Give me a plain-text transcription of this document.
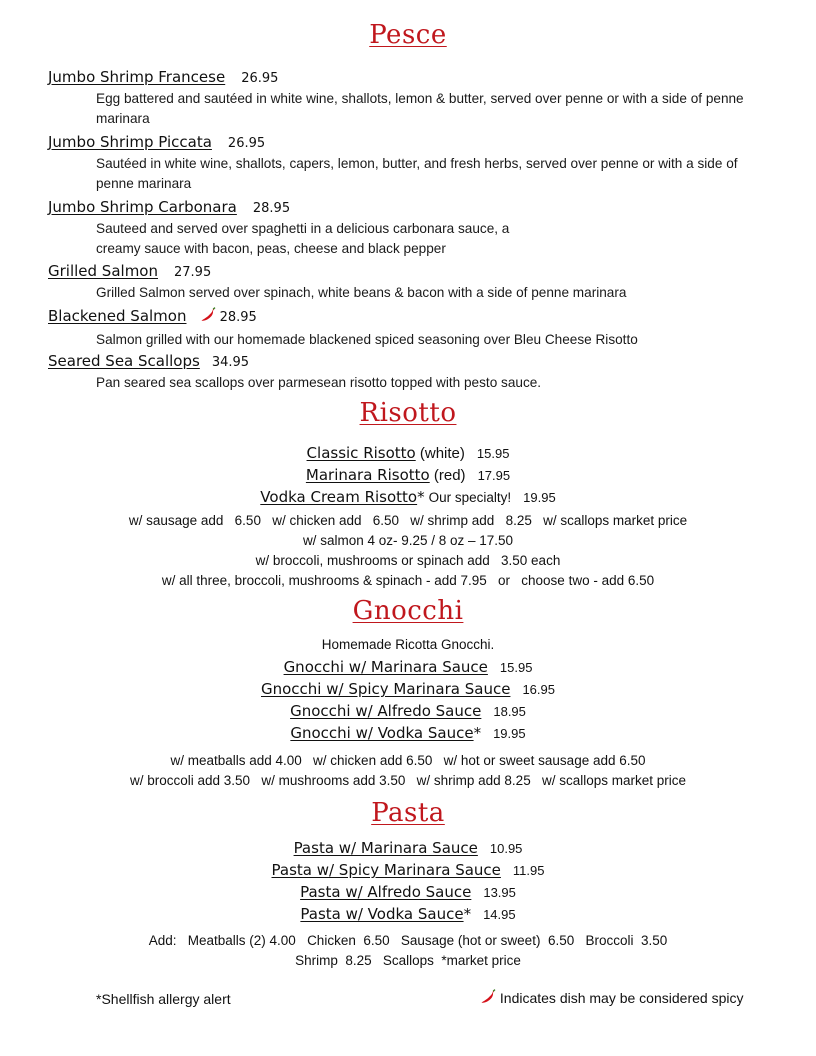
Pesce
Jumbo Shrimp Francese 26.95
Egg battered and sautéed in white wine, shallots, lemon & butter, served over penne or with a side of penne marinara
Jumbo Shrimp Piccata 26.95
Sautéed in white wine, shallots, capers, lemon, butter, and fresh herbs, served over penne or with a side of penne marinara
Jumbo Shrimp Carbonara 28.95
Sauteed and served over spaghetti in a delicious carbonara sauce, a
creamy sauce with bacon, peas, cheese and black pepper
Grilled Salmon 27.95
Grilled Salmon served over spinach, white beans & bacon with a side of penne marinara
Blackened Salmon	28.95
Salmon grilled with our homemade blackened spiced seasoning over Bleu Cheese Risotto
Seared Sea Scallops 34.95
Pan seared sea scallops over parmesean risotto topped with pesto sauce.
Risotto
Classic Risotto (white) 15.95
Marinara Risotto (red) 17.95
Vodka Cream Risotto* Our specialty! 19.95
w/ sausage add   6.50   w/ chicken add   6.50   w/ shrimp add   8.25   w/ scallops market price
w/ salmon 4 oz- 9.25 / 8 oz – 17.50
w/ broccoli, mushrooms or spinach add   3.50 each
w/ all three, broccoli, mushrooms & spinach - add 7.95   or   choose two - add 6.50
Gnocchi
Homemade Ricotta Gnocchi.
Gnocchi w/ Marinara Sauce 15.95
Gnocchi w/ Spicy Marinara Sauce 16.95
Gnocchi w/ Alfredo Sauce 18.95
Gnocchi w/ Vodka Sauce* 19.95
w/ meatballs add 4.00   w/ chicken add 6.50   w/ hot or sweet sausage add 6.50
w/ broccoli add 3.50   w/ mushrooms add 3.50   w/ shrimp add 8.25   w/ scallops market price
Pasta
Pasta w/ Marinara Sauce 10.95
Pasta w/ Spicy Marinara Sauce 11.95
Pasta w/ Alfredo Sauce 13.95
Pasta w/ Vodka Sauce* 14.95
Add:   Meatballs (2) 4.00   Chicken  6.50   Sausage (hot or sweet)  6.50   Broccoli  3.50
Shrimp  8.25   Scallops  *market price
*Shellfish allergy alert	Indicates dish may be considered spicy
